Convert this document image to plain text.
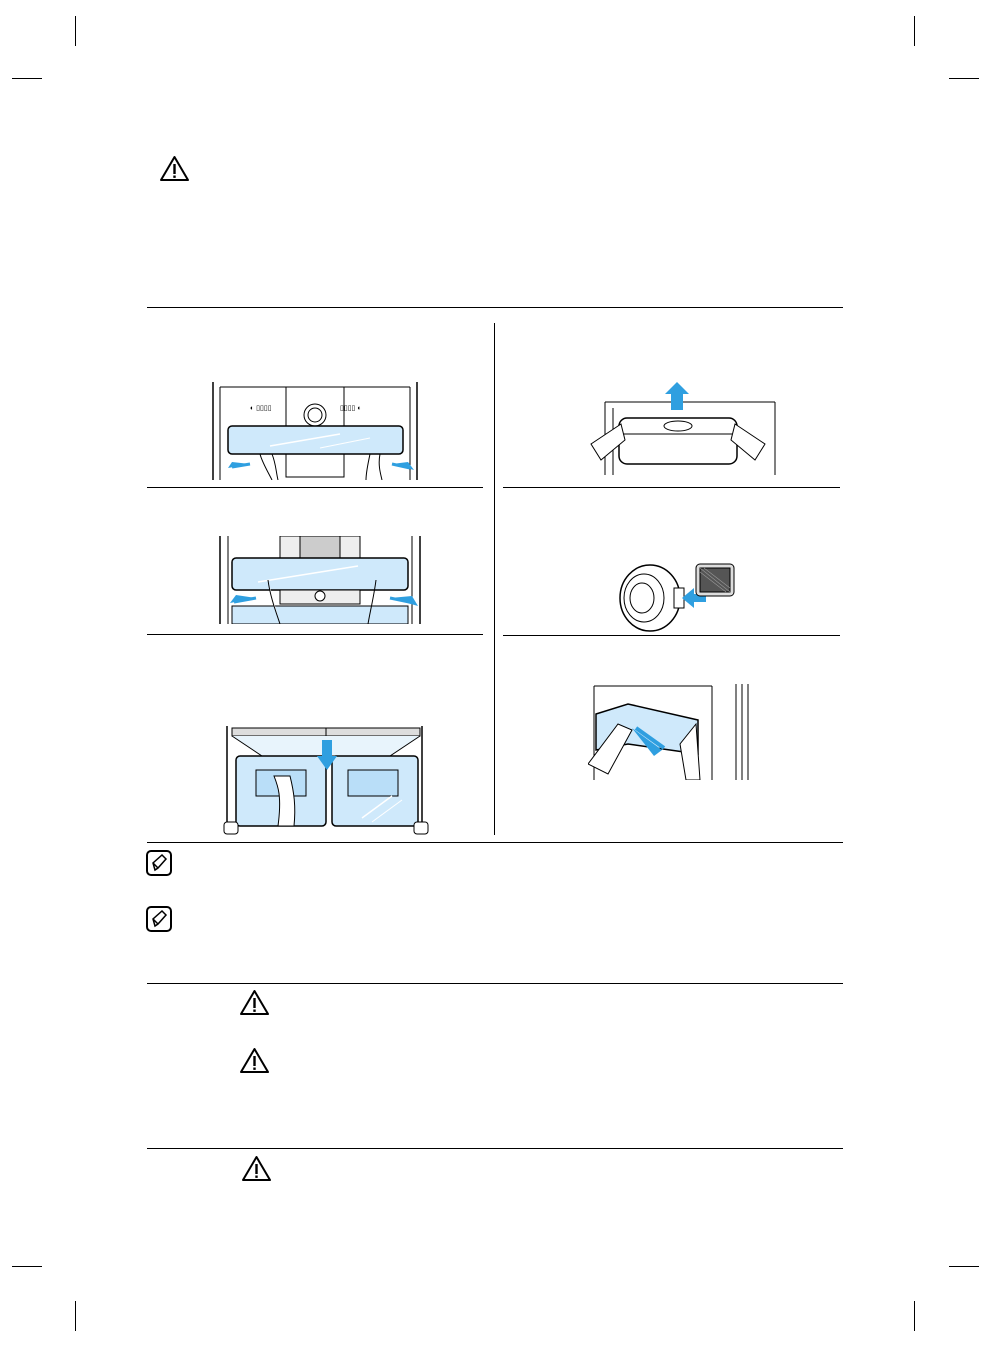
◐ ▯▯▯▯	▯▯▯▯ ◐
